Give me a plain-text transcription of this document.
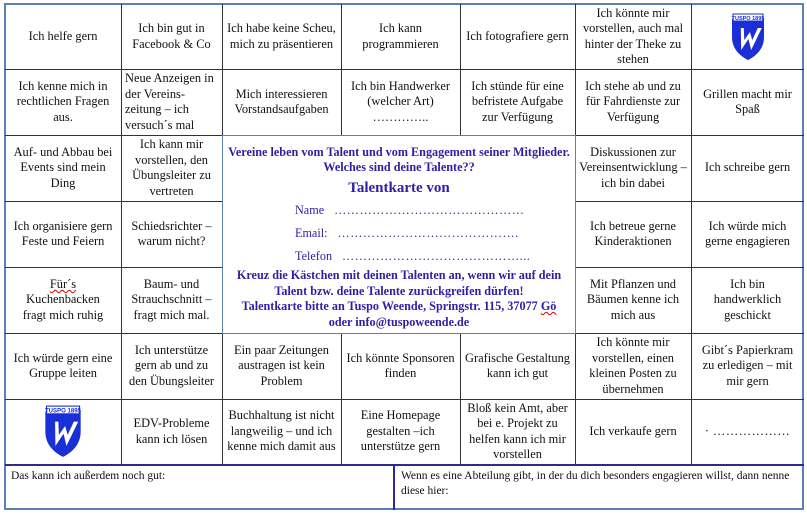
Ich helfe gern
Ich bin gut in Facebook & Co
Ich habe keine Scheu, mich zu präsentieren
Ich kann programmieren
Ich fotografiere gern
Ich könnte mir vorstellen, auch mal hinter der Theke zu stehen
TUSPO 1895
Ich kenne mich in rechtlichen Fragen aus.
Neue Anzeigen in der Vereins-zeitung – ich versuch´s mal
Mich interessieren Vorstandsaufgaben
Ich bin Handwerker (welcher Art) …………..
Ich stünde für eine befristete Aufgabe zur Verfügung
Ich stehe ab und zu für Fahrdienste zur Verfügung
Grillen macht mir Spaß
Auf- und Abbau bei Events sind mein Ding
Ich kann mir vorstellen, den Übungsleiter zu vertreten
Diskussionen zur Vereinsentwicklung – ich bin dabei
Ich schreibe gern
Ich organisiere gern Feste und Feiern
Schiedsrichter – warum nicht?
Ich betreue gerne Kinderaktionen
Ich würde mich gerne engagieren
Für´s
Kuchenbacken
fragt mich ruhig
Baum- und Strauchschnitt – fragt mich mal.
Mit Pflanzen und Bäumen kenne ich mich aus
Ich bin handwerklich geschickt
Ich würde gern eine Gruppe leiten
Ich unterstütze gern ab und zu den Übungsleiter
Ein paar Zeitungen austragen ist kein Problem
Ich könnte Sponsoren finden
Grafische Gestaltung kann ich gut
Ich könnte mir vorstellen, einen kleinen Posten zu übernehmen
Gibt´s Papierkram zu erledigen – mit mir gern
TUSPO 1895
EDV-Probleme kann ich lösen
Buchhaltung ist nicht langweilig – und ich kenne mich damit aus
Eine Homepage gestalten –ich unterstütze gern
Bloß kein Amt, aber bei e. Projekt zu helfen kann ich mir vorstellen
Ich verkaufe gern · ………………
Vereine leben vom Talent und vom Engagement seiner Mitglieder. Welches sind deine Talente??
Talentkarte von
Name ………………………………………
Email: …………………………………….
Telefon ……………………………………...
Kreuz die Kästchen mit deinen Talenten an, wenn wir auf dein Talent bzw. deine Talente zurückgreifen dürfen!
Talentkarte bitte an Tuspo Weende, Springstr. 115, 37077 Gö
oder info@tuspoweende.de
Das kann ich außerdem noch gut:	Wenn es eine Abteilung gibt, in der du dich besonders engagieren willst, dann nenne diese hier:
